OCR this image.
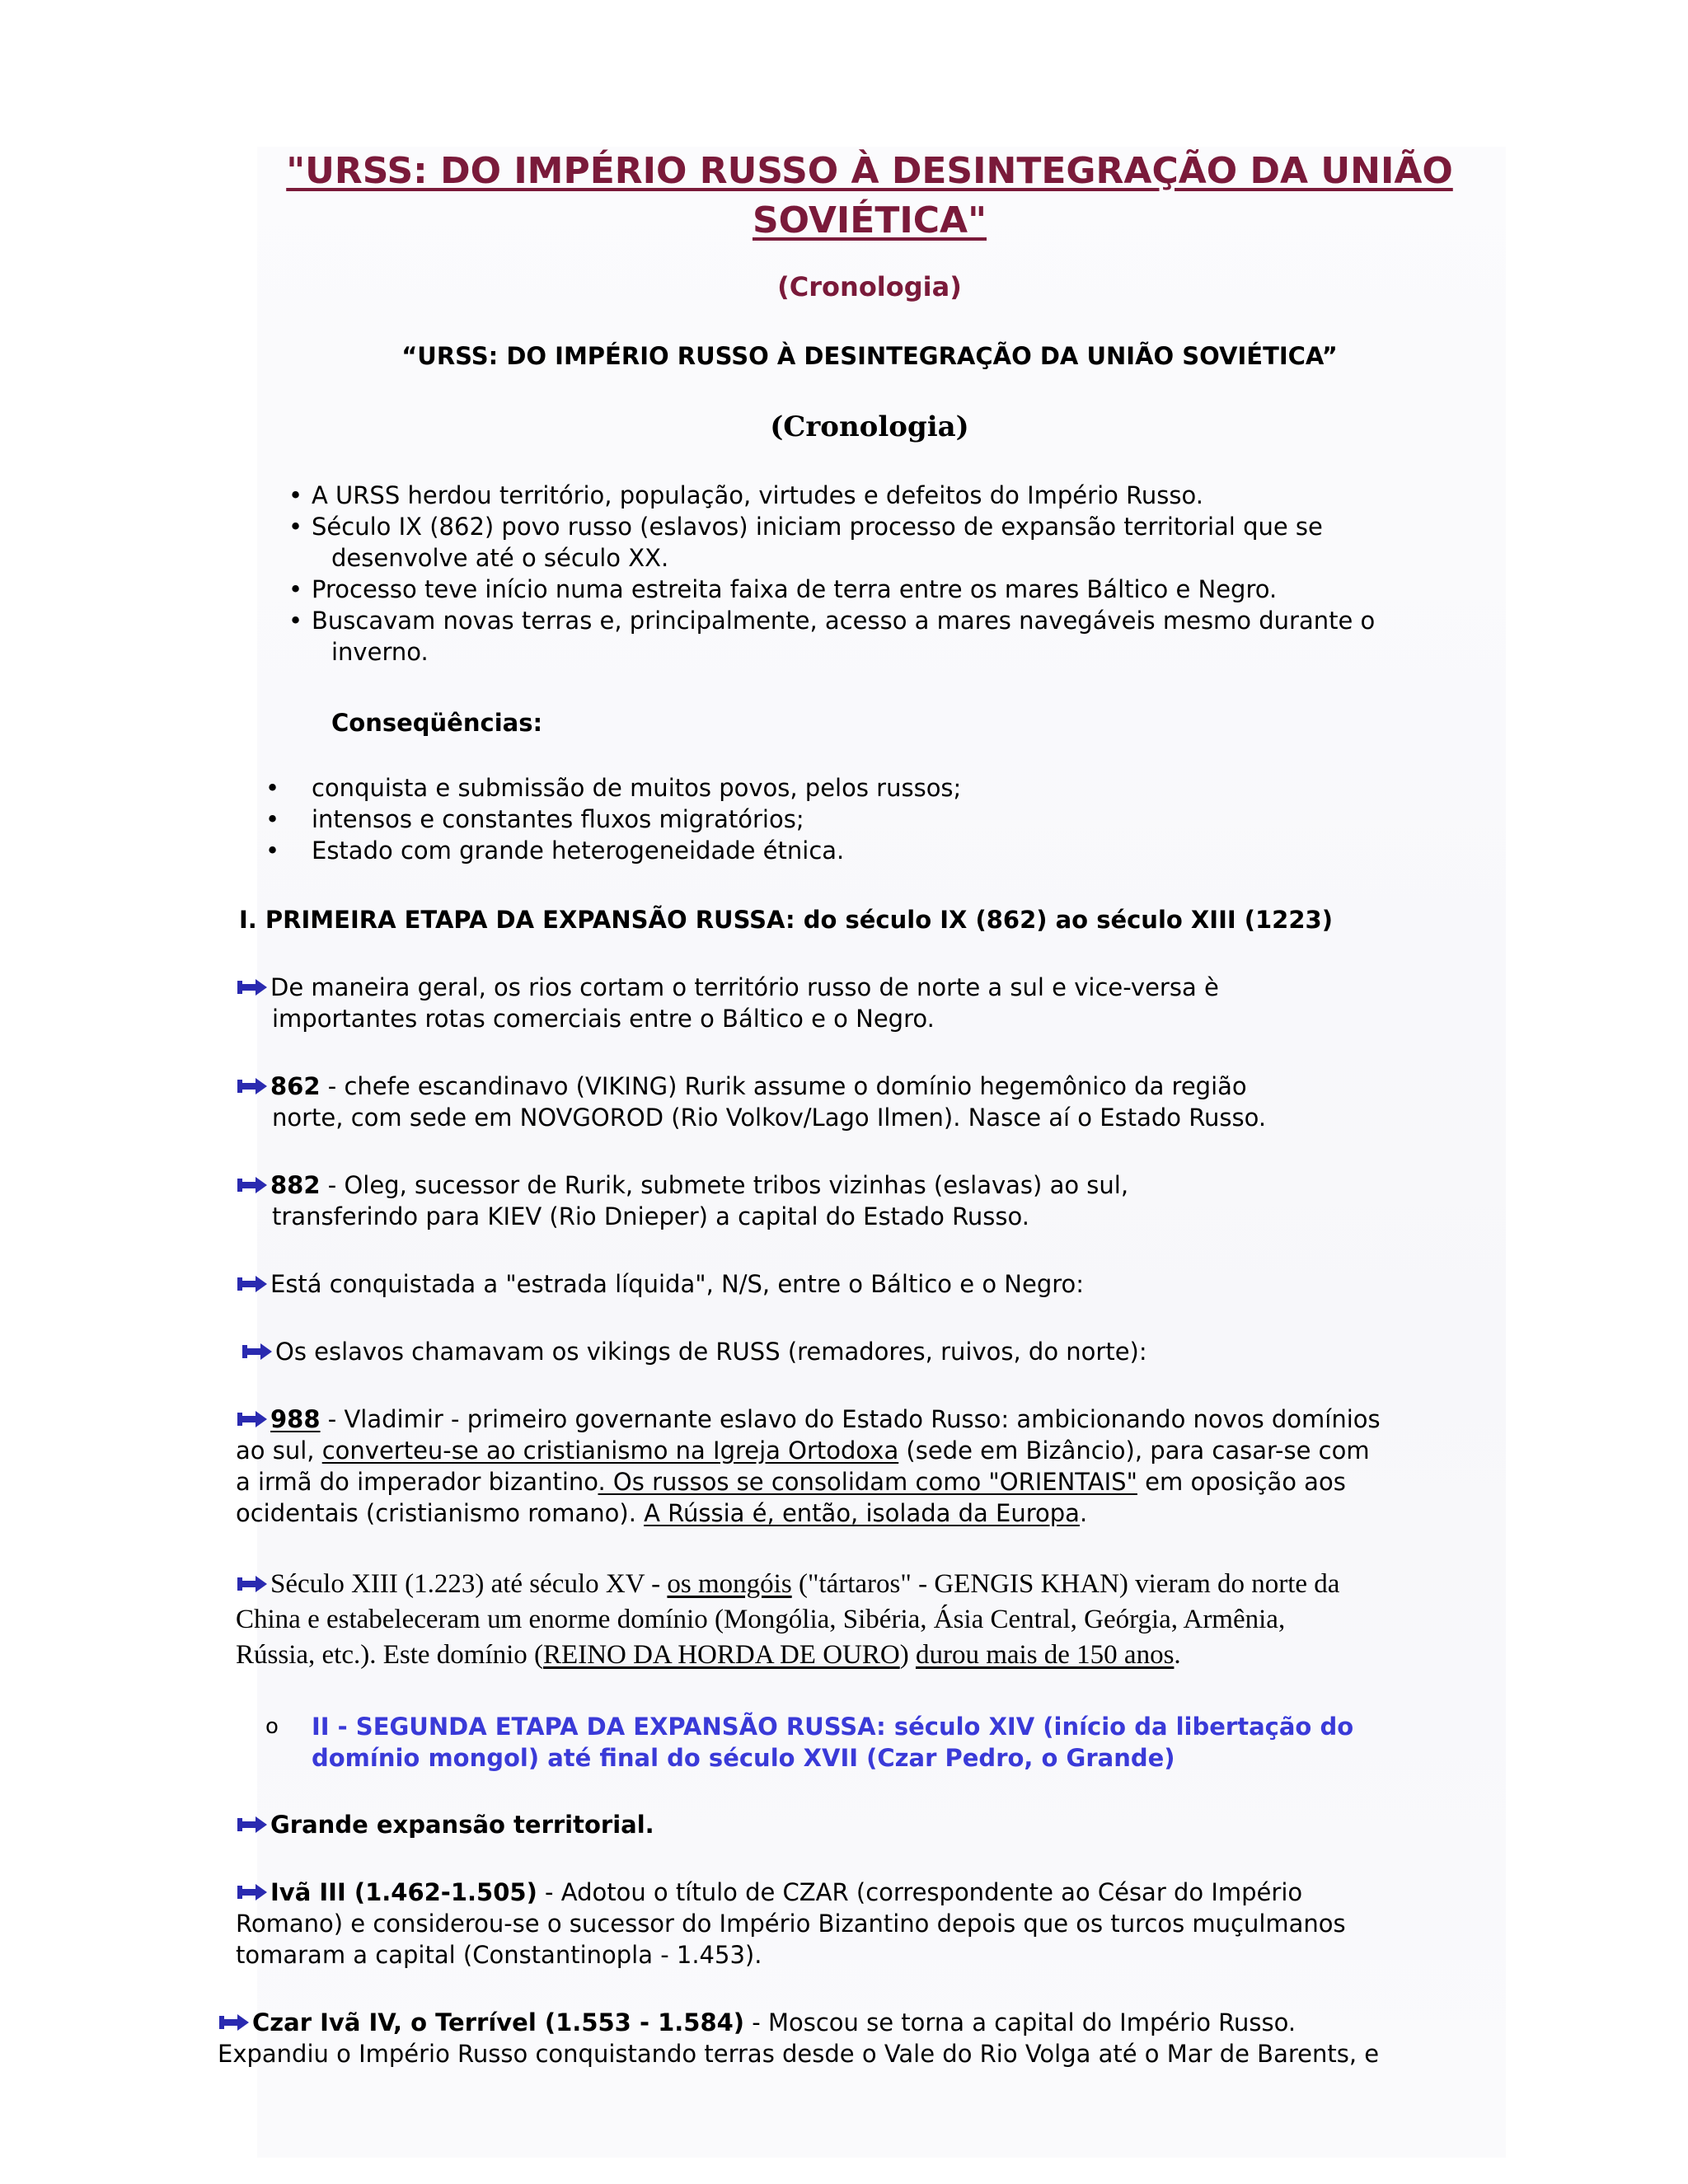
"URSS: DO IMPÉRIO RUSSO À DESINTEGRAÇÃO DA UNIÃO SOVIÉTICA"
(Cronologia)
“URSS: DO IMPÉRIO RUSSO À DESINTEGRAÇÃO DA UNIÃO SOVIÉTICA”
(Cronologia)
• A URSS herdou território, população, virtudes e defeitos do Império Russo.
• Século IX (862) povo russo (eslavos) iniciam processo de expansão territorial que se
desenvolve até o século XX.
• Processo teve início numa estreita faixa de terra entre os mares Báltico e Negro.
• Buscavam novas terras e, principalmente, acesso a mares navegáveis mesmo durante o
inverno.
Conseqüências:
• conquista e submissão de muitos povos, pelos russos;
• intensos e constantes fluxos migratórios;
• Estado com grande heterogeneidade étnica.
I. PRIMEIRA ETAPA DA EXPANSÃO RUSSA: do século IX (862) ao século XIII (1223)
De maneira geral, os rios cortam o território russo de norte a sul e vice-versa è
importantes rotas comerciais entre o Báltico e o Negro.
862 - chefe escandinavo (VIKING) Rurik assume o domínio hegemônico da região
norte, com sede em NOVGOROD (Rio Volkov/Lago Ilmen). Nasce aí o Estado Russo.
882 - Oleg, sucessor de Rurik, submete tribos vizinhas (eslavas) ao sul,
transferindo para KIEV (Rio Dnieper) a capital do Estado Russo.
Está conquistada a "estrada líquida", N/S, entre o Báltico e o Negro:
Os eslavos chamavam os vikings de RUSS (remadores, ruivos, do norte):
988 - Vladimir - primeiro governante eslavo do Estado Russo: ambicionando novos domínios
ao sul, converteu-se ao cristianismo na Igreja Ortodoxa (sede em Bizâncio), para casar-se com
a irmã do imperador bizantino. Os russos se consolidam como "ORIENTAIS" em oposição aos
ocidentais (cristianismo romano). A Rússia é, então, isolada da Europa.
Século XIII (1.223) até século XV - os mongóis ("tártaros" - GENGIS KHAN) vieram do norte da
China e estabeleceram um enorme domínio (Mongólia, Sibéria, Ásia Central, Geórgia, Armênia,
Rússia, etc.). Este domínio (REINO DA HORDA DE OURO) durou mais de 150 anos.
o II - SEGUNDA ETAPA DA EXPANSÃO RUSSA: século XIV (início da libertação do
domínio mongol) até final do século XVII (Czar Pedro, o Grande)
Grande expansão territorial.
Ivã III (1.462-1.505) - Adotou o título de CZAR (correspondente ao César do Império
Romano) e considerou-se o sucessor do Império Bizantino depois que os turcos muçulmanos
tomaram a capital (Constantinopla - 1.453).
Czar Ivã IV, o Terrível (1.553 - 1.584) - Moscou se torna a capital do Império Russo.
Expandiu o Império Russo conquistando terras desde o Vale do Rio Volga até o Mar de Barents, e
